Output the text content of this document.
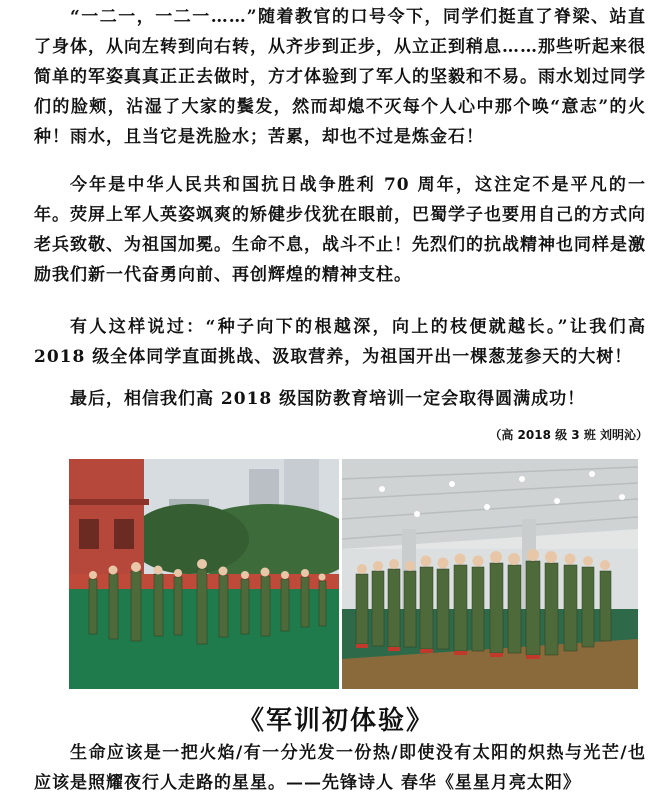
“一二一，一二一……”随着教官的口号令下，同学们挺直了脊梁、站直了身体，从向左转到向右转，从齐步到正步，从立正到稍息……那些听起来很简单的军姿真真正正去做时，方才体验到了军人的坚毅和不易。雨水划过同学们的脸颊，沾湿了大家的鬓发，然而却熄不灭每个人心中那个唤“意志”的火种！雨水，且当它是洗脸水；苦累，却也不过是炼金石！

今年是中华人民共和国抗日战争胜利 70 周年，这注定不是平凡的一年。荧屏上军人英姿飒爽的矫健步伐犹在眼前，巴蜀学子也要用自己的方式向老兵致敬、为祖国加冕。生命不息，战斗不止！先烈们的抗战精神也同样是激励我们新一代奋勇向前、再创辉煌的精神支柱。

有人这样说过：“种子向下的根越深，向上的枝便就越长。”让我们高 2018 级全体同学直面挑战、汲取营养，为祖国开出一棵葱茏参天的大树！

最后，相信我们高 2018 级国防教育培训一定会取得圆满成功！

（高 2018 级 3 班 刘明沁）
《军训初体验》

生命应该是一把火焰/有一分光发一份热/即使没有太阳的炽热与光芒/也应该是照耀夜行人走路的星星。——先锋诗人 春华《星星月亮太阳》
